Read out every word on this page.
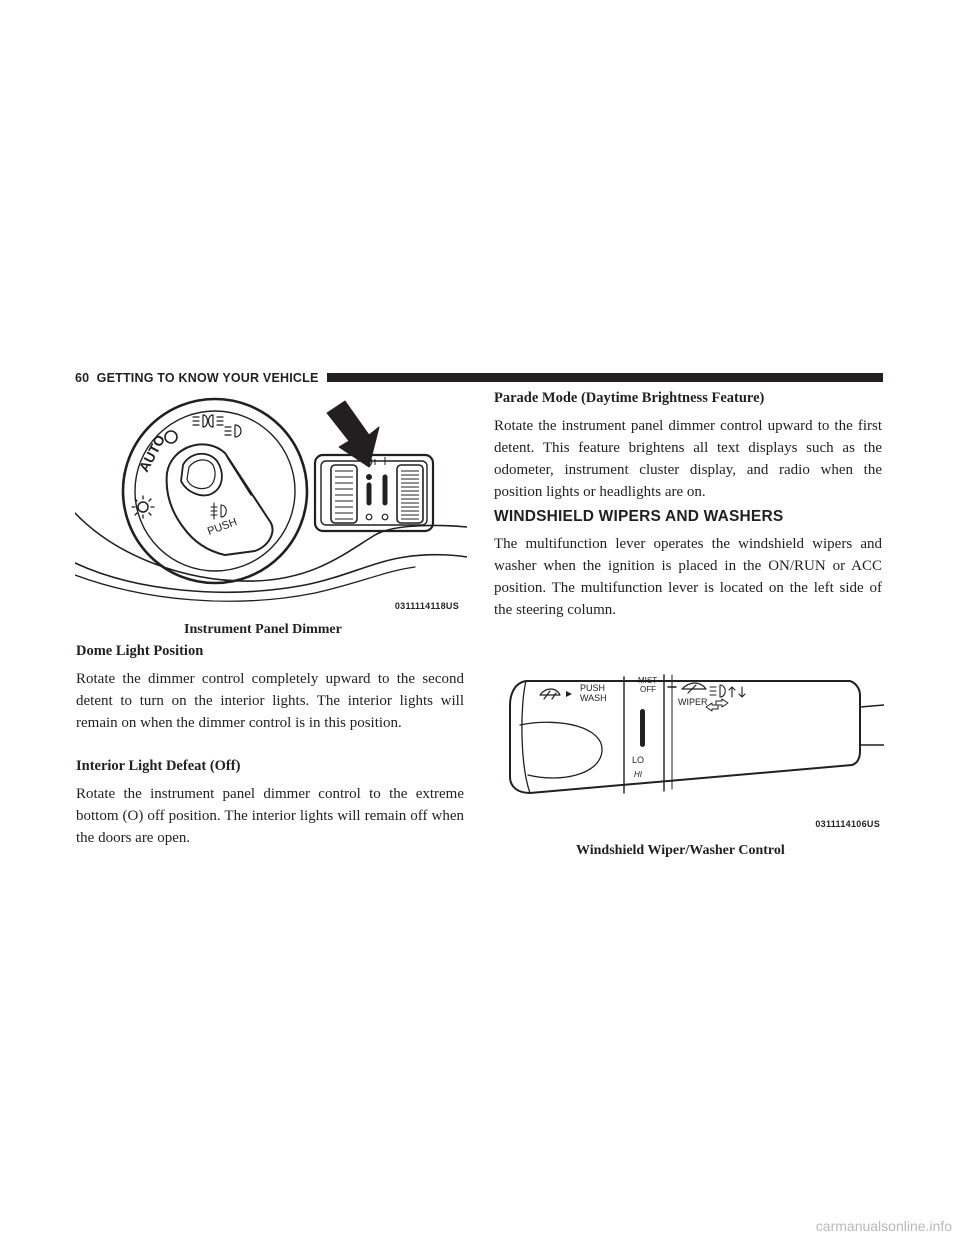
60 GETTING TO KNOW YOUR VEHICLE
AUTO
PUSH
0311114118US
Instrument Panel Dimmer
Dome Light Position
Rotate the dimmer control completely upward to the second detent to turn on the interior lights. The interior lights will remain on when the dimmer control is in this position.
Interior Light Defeat (Off)
Rotate the instrument panel dimmer control to the extreme bottom (O) off position. The interior lights will remain off when the doors are open.
Parade Mode (Daytime Brightness Feature)
Rotate the instrument panel dimmer control upward to the first detent. This feature brightens all text displays such as the odometer, instrument cluster display, and radio when the position lights or headlights are on.
WINDSHIELD WIPERS AND WASHERS
The multifunction lever operates the windshield wipers and washer when the ignition is placed in the ON/RUN or ACC position. The multifunction lever is located on the left side of the steering column.
PUSH
WASH
MIST
OFF
WIPER
LO
HI
0311114106US
Windshield Wiper/Washer Control
carmanualsonline.info
